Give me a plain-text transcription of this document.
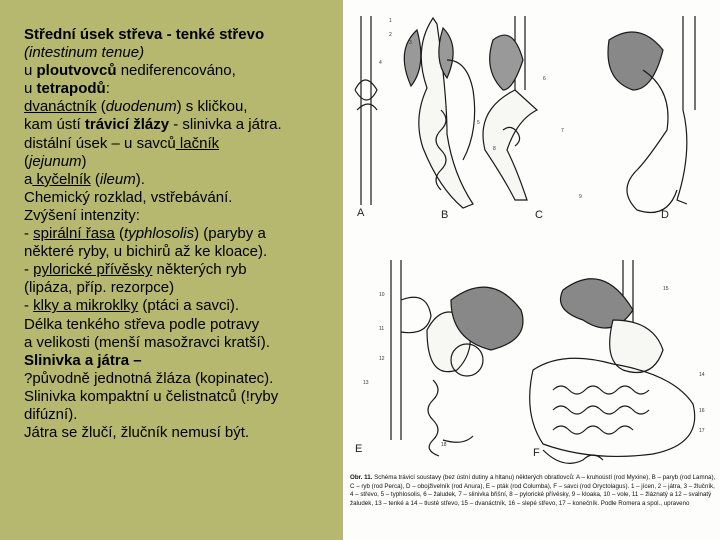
Střední úsek střeva - tenké střevo
(intestinum tenue)
u ploutvovců nediferencováno,
u tetrapodů:
dvanáctník (duodenum) s kličkou,
kam ústí trávicí žlázy - slinivka a játra.
distální úsek – u savců lačník
(jejunum)
a kyčelník (ileum).
Chemický rozklad, vstřebávání.
Zvýšení intenzity:
- spirální řasa (typhlosolis) (paryby a
některé ryby, u bichirů až ke kloace).
- pylorické přívěsky některých ryb
(lipáza, příp. rezorpce)
- klky a mikroklky (ptáci a savci).
Délka tenkého střeva podle potravy
a velikosti (menší masožravci kratší).
Slinivka a játra –
?původně jednotná žláza (kopinatec).
Slinivka kompaktní u čelistnatců (!ryby
difúzní).
Játra se žlučí, žlučník nemusí být.
A	B	C	D
E	F
1
2
3
4
5
6
7
8
9
10
11
12
13
14
15
16
17
18
Obr. 11. Schéma trávicí soustavy (bez ústní dutiny a hltanu) některých obratlovců: A – kruhoústí (rod Myxine), B – paryb (rod Lamna), C – ryb (rod Perca), D – obojživelník (rod Anura), E – pták (rod Columba), F – savci (rod Oryctolagus). 1 – jícen, 2 – játra, 3 – žlučník, 4 – střevo, 5 – typhlosolis, 6 – žaludek, 7 – slinivka břišní, 8 – pylorické přívěsky, 9 – kloaka, 10 – vole, 11 – žláznatý a 12 – svalnatý žaludek, 13 – tenké a 14 – tlusté střevo, 15 – dvanáctník, 16 – slepé střevo, 17 – konečník. Podle Romera a spol., upraveno
